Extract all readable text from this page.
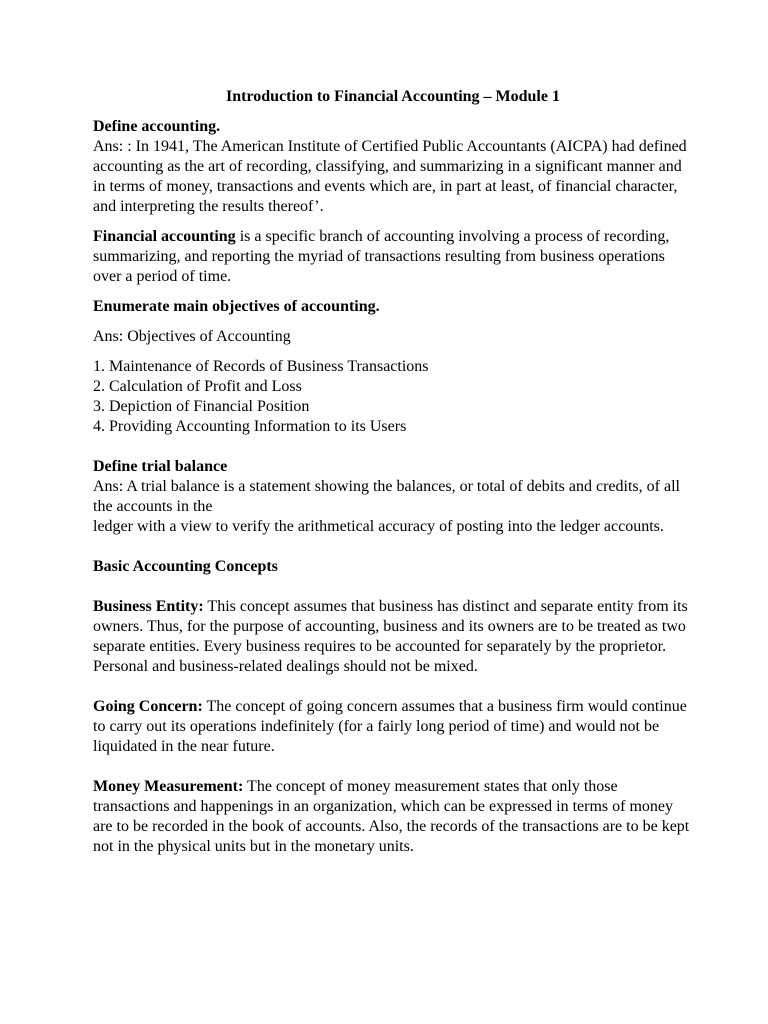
Introduction to Financial Accounting – Module 1

Define accounting.

Ans: : In 1941, The American Institute of Certified Public Accountants (AICPA) had defined accounting as the art of recording, classifying, and summarizing in a significant manner and in terms of money, transactions and events which are, in part at least, of financial character, and interpreting the results thereof’.

Financial accounting is a specific branch of accounting involving a process of recording, summarizing, and reporting the myriad of transactions resulting from business operations over a period of time.

Enumerate main objectives of accounting.

Ans: Objectives of Accounting

1. Maintenance of Records of Business Transactions
2. Calculation of Profit and Loss
3. Depiction of Financial Position
4. Providing Accounting Information to its Users
Define trial balance

Ans: A trial balance is a statement showing the balances, or total of debits and credits, of all the accounts in the

ledger with a view to verify the arithmetical accuracy of posting into the ledger accounts.

Basic Accounting Concepts

Business Entity: This concept assumes that business has distinct and separate entity from its owners. Thus, for the purpose of accounting, business and its owners are to be treated as two separate entities. Every business requires to be accounted for separately by the proprietor. Personal and business-related dealings should not be mixed.

Going Concern: The concept of going concern assumes that a business firm would continue to carry out its operations indefinitely (for a fairly long period of time) and would not be liquidated in the near future.

Money Measurement: The concept of money measurement states that only those transactions and happenings in an organization, which can be expressed in terms of money are to be recorded in the book of accounts. Also, the records of the transactions are to be kept not in the physical units but in the monetary units.
